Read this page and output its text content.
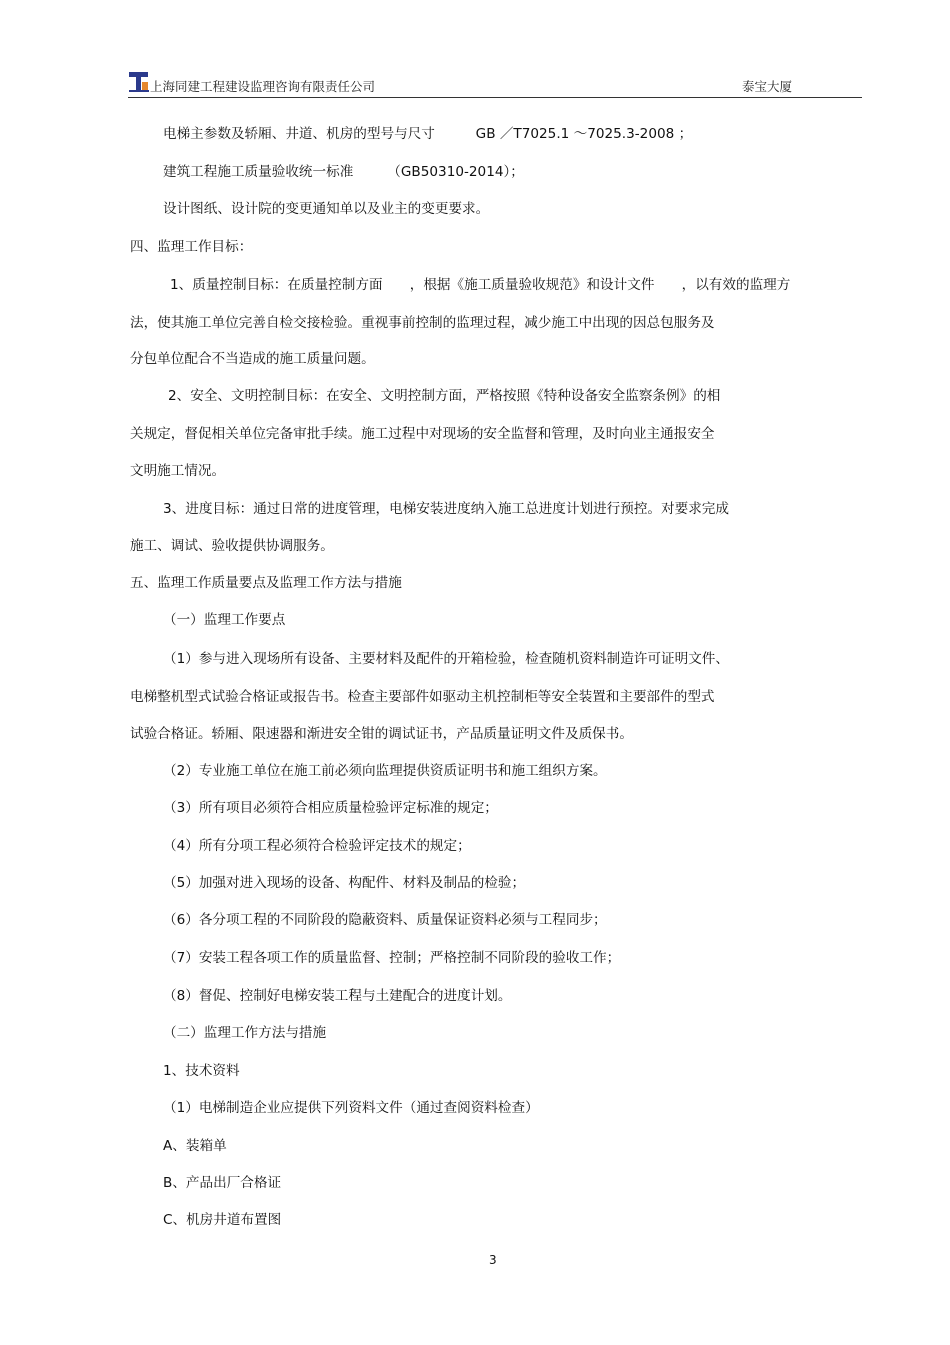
上海同建工程建设监理咨询有限责任公司	泰宝大厦
电梯主参数及轿厢、井道、机房的型号与尺寸　　　GB ／T7025.1 ～7025.3-2008 ；
建筑工程施工质量验收统一标准　　　（GB50310-2014）；
设计图纸、设计院的变更通知单以及业主的变更要求。
四、监理工作目标：
1、质量控制目标：在质量控制方面　　，根据《施工质量验收规范》和设计文件　　，以有效的监理方
法，使其施工单位完善自检交接检验。重视事前控制的监理过程，减少施工中出现的因总包服务及
分包单位配合不当造成的施工质量问题。
2、安全、文明控制目标：在安全、文明控制方面，严格按照《特种设备安全监察条例》的相
关规定，督促相关单位完备审批手续。施工过程中对现场的安全监督和管理，及时向业主通报安全
文明施工情况。
3、进度目标：通过日常的进度管理，电梯安装进度纳入施工总进度计划进行预控。对要求完成
施工、调试、验收提供协调服务。
五、监理工作质量要点及监理工作方法与措施
（一）监理工作要点
（1）参与进入现场所有设备、主要材料及配件的开箱检验，检查随机资料制造许可证明文件、
电梯整机型式试验合格证或报告书。检查主要部件如驱动主机控制柜等安全装置和主要部件的型式
试验合格证。轿厢、限速器和渐进安全钳的调试证书，产品质量证明文件及质保书。
（2）专业施工单位在施工前必须向监理提供资质证明书和施工组织方案。
（3）所有项目必须符合相应质量检验评定标准的规定；
（4）所有分项工程必须符合检验评定技术的规定；
（5）加强对进入现场的设备、构配件、材料及制品的检验；
（6）各分项工程的不同阶段的隐蔽资料、质量保证资料必须与工程同步；
（7）安装工程各项工作的质量监督、控制；严格控制不同阶段的验收工作；
（8）督促、控制好电梯安装工程与土建配合的进度计划。
（二）监理工作方法与措施
1、技术资料
（1）电梯制造企业应提供下列资料文件（通过查阅资料检查）
A、装箱单
B、产品出厂合格证
C、机房井道布置图
3
